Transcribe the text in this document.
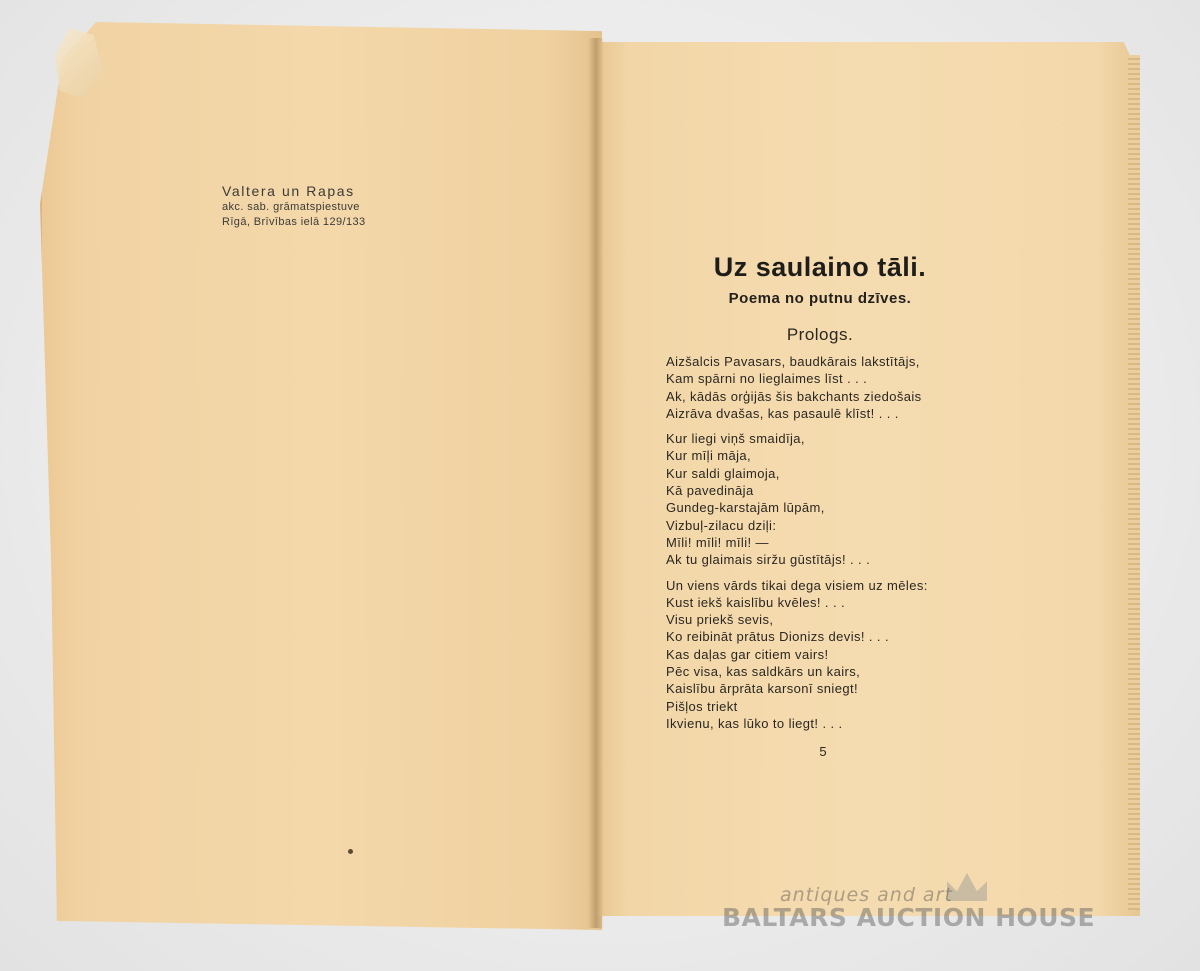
Valtera un Rapas
akc. sab. grāmatspiestuve
Rīgā, Brīvības ielā 129/133
Uz saulaino tāli.
Poema no putnu dzīves.
Prologs.
Aizšalcis Pavasars, baudkārais lakstītājs,
Kam spārni no lieglaimes līst . . .
Ak, kādās orģijās šis bakchants ziedošais
Aizrāva dvašas, kas pasaulē klīst! . . .
Kur liegi viņš smaidīja,
Kur mīļi māja,
Kur saldi glaimoja,
Kā pavedināja
Gundeg-karstajām lūpām,
Vizbuļ-zilacu dziļi:
Mīli! mīli! mīli! —
Ak tu glaimais siržu gūstītājs! . . .
Un viens vārds tikai dega visiem uz mēles:
Kust iekš kaislību kvēles! . . .
Visu priekš sevis,
Ko reibināt prātus Dionizs devis! . . .
Kas daļas gar citiem vairs!
Pēc visa, kas saldkārs un kairs,
Kaislību ārprāta karsonī sniegt!
Pišļos triekt
Ikvienu, kas lūko to liegt! . . .
5
antiques and art
BALTARS AUCTION HOUSE
